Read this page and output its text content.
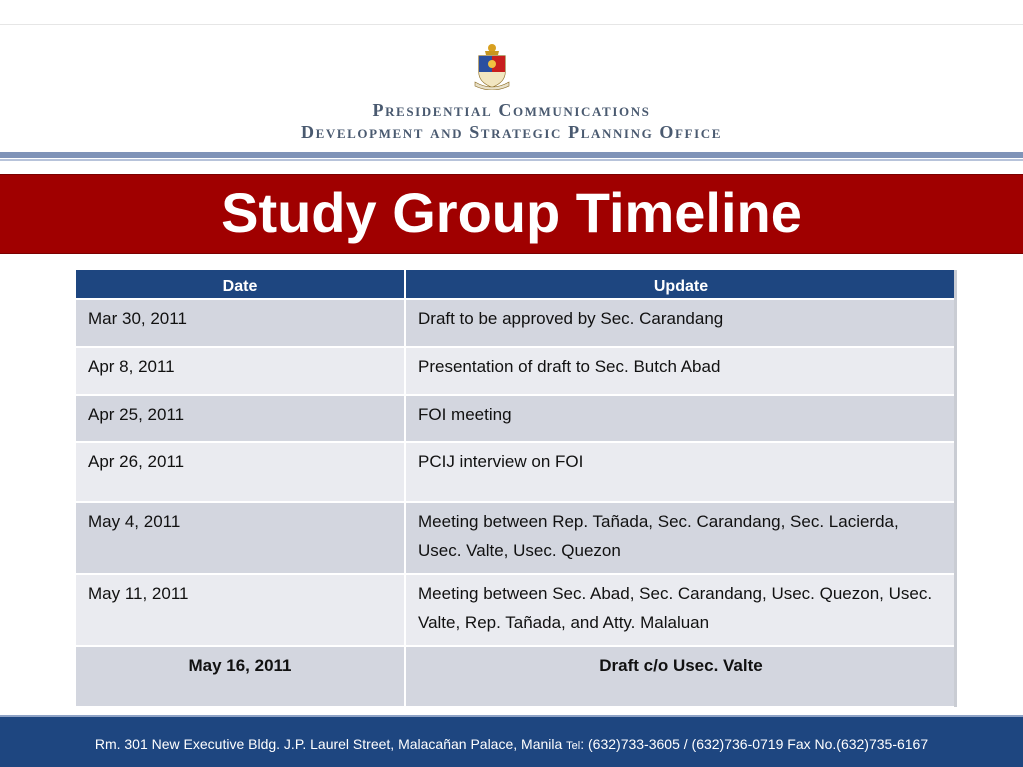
Presidential Communications
Development and Strategic Planning Office
Study Group Timeline
Date	Update

Mar 30, 2011	Draft to be approved by Sec. Carandang

Apr 8, 2011	Presentation of draft to Sec. Butch Abad

Apr 25, 2011	FOI meeting

Apr 26, 2011	PCIJ interview on FOI

May 4, 2011	Meeting between Rep. Tañada, Sec. Carandang, Sec. Lacierda, Usec. Valte, Usec. Quezon

May 11, 2011	Meeting between Sec. Abad, Sec. Carandang, Usec. Quezon, Usec. Valte, Rep. Tañada, and Atty. Malaluan

May 16, 2011	Draft c/o Usec. Valte
Rm. 301 New Executive Bldg. J.P. Laurel Street, Malacañan Palace, Manila Tel: (632)733-3605 / (632)736-0719 Fax No.(632)735-6167
